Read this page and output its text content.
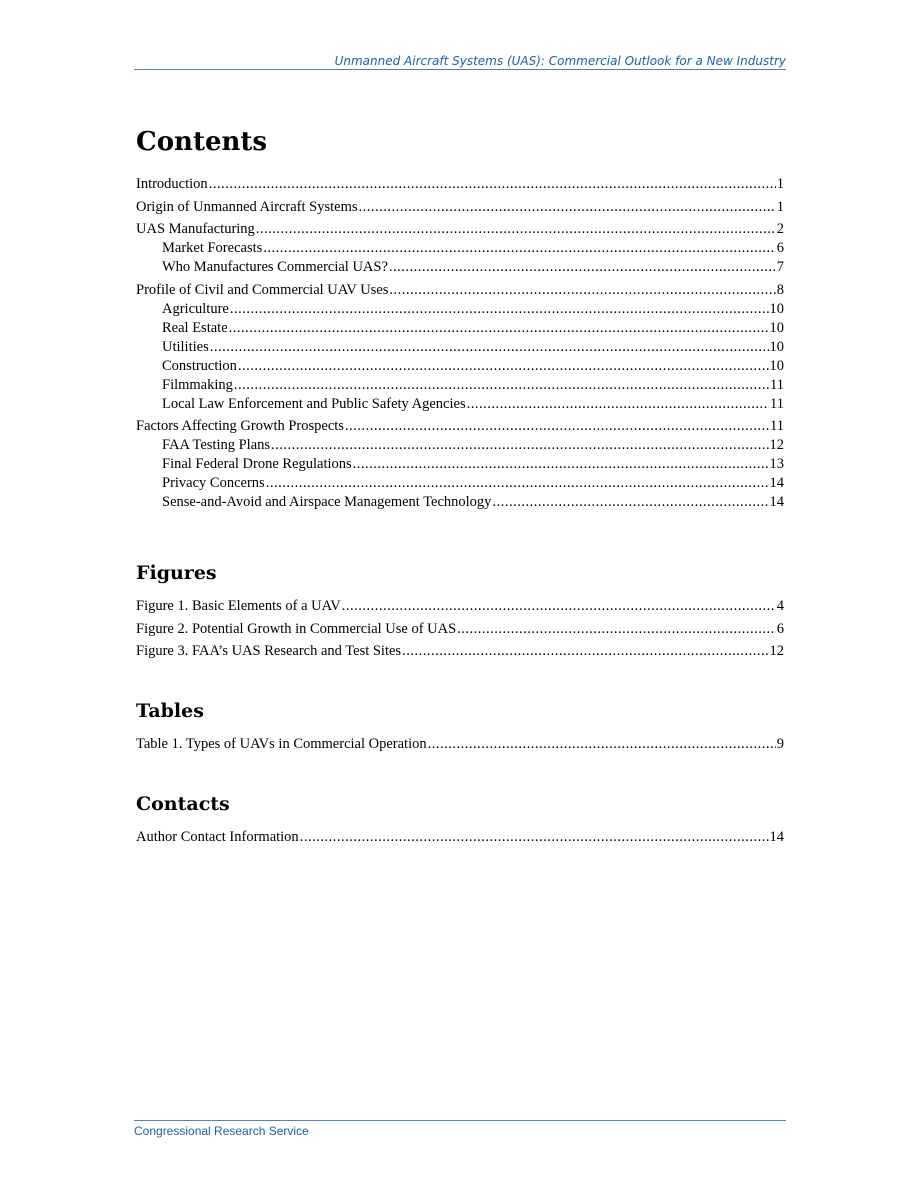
Unmanned Aircraft Systems (UAS): Commercial Outlook for a New Industry
Contents
Introduction .....	1
Origin of Unmanned Aircraft Systems .....	1
UAS Manufacturing .....	2
Market Forecasts .....	6
Who Manufactures Commercial UAS? .....	7
Profile of Civil and Commercial UAV Uses .....	8
Agriculture .....	10
Real Estate .....	10
Utilities .....	10
Construction .....	10
Filmmaking .....	11
Local Law Enforcement and Public Safety Agencies .....	11
Factors Affecting Growth Prospects .....	11
FAA Testing Plans .....	12
Final Federal Drone Regulations .....	13
Privacy Concerns .....	14
Sense-and-Avoid and Airspace Management Technology .....	14
Figures
Figure 1. Basic Elements of a UAV .....	4
Figure 2. Potential Growth in Commercial Use of UAS .....	6
Figure 3. FAA’s UAS Research and Test Sites .....	12
Tables
Table 1. Types of UAVs in Commercial Operation .....	9
Contacts
Author Contact Information .....	14
Congressional Research Service
